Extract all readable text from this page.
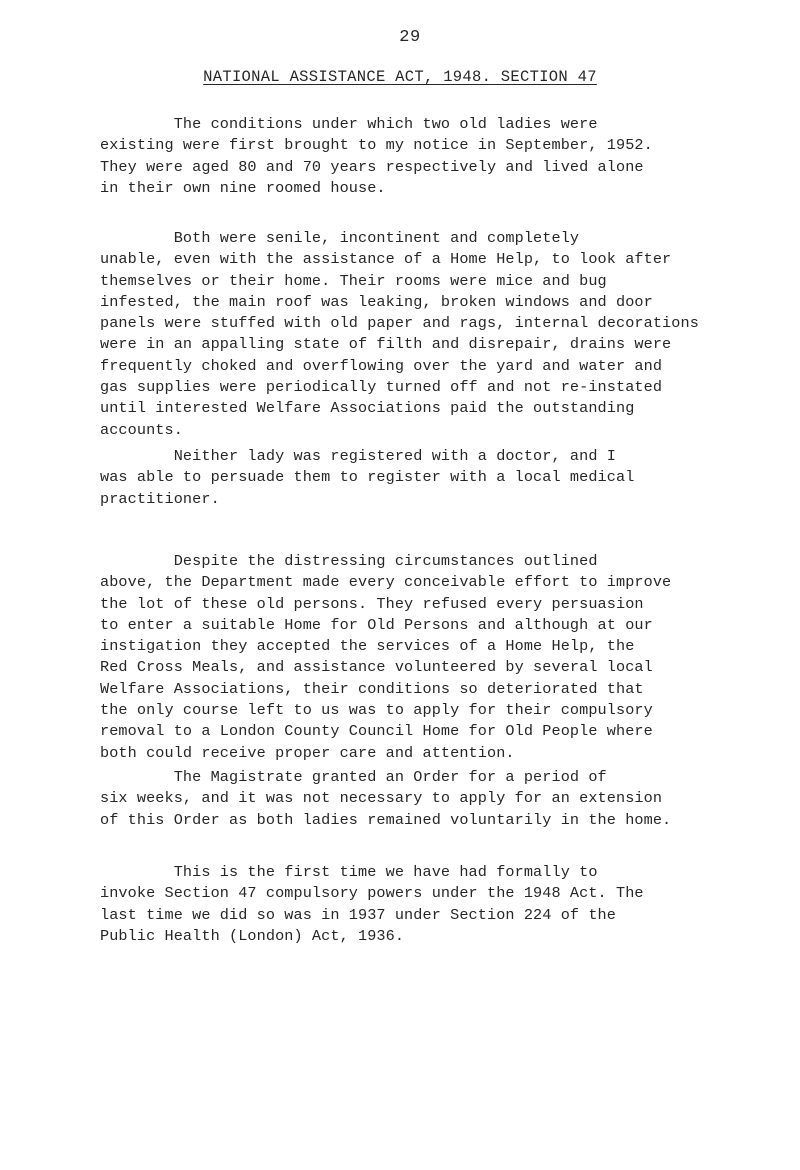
29
NATIONAL ASSISTANCE ACT, 1948. SECTION 47

The conditions under which two old ladies were
existing were first brought to my notice in September, 1952.
They were aged 80 and 70 years respectively and lived alone
in their own nine roomed house.

Both were senile, incontinent and completely
unable, even with the assistance of a Home Help, to look after
themselves or their home. Their rooms were mice and bug
infested, the main roof was leaking, broken windows and door
panels were stuffed with old paper and rags, internal decorations
were in an appalling state of filth and disrepair, drains were
frequently choked and overflowing over the yard and water and
gas supplies were periodically turned off and not re-instated
until interested Welfare Associations paid the outstanding
accounts.

Neither lady was registered with a doctor, and I
was able to persuade them to register with a local medical
practitioner.

Despite the distressing circumstances outlined
above, the Department made every conceivable effort to improve
the lot of these old persons. They refused every persuasion
to enter a suitable Home for Old Persons and although at our
instigation they accepted the services of a Home Help, the
Red Cross Meals, and assistance volunteered by several local
Welfare Associations, their conditions so deteriorated that
the only course left to us was to apply for their compulsory
removal to a London County Council Home for Old People where
both could receive proper care and attention.

The Magistrate granted an Order for a period of
six weeks, and it was not necessary to apply for an extension
of this Order as both ladies remained voluntarily in the home.

This is the first time we have had formally to
invoke Section 47 compulsory powers under the 1948 Act. The
last time we did so was in 1937 under Section 224 of the
Public Health (London) Act, 1936.
